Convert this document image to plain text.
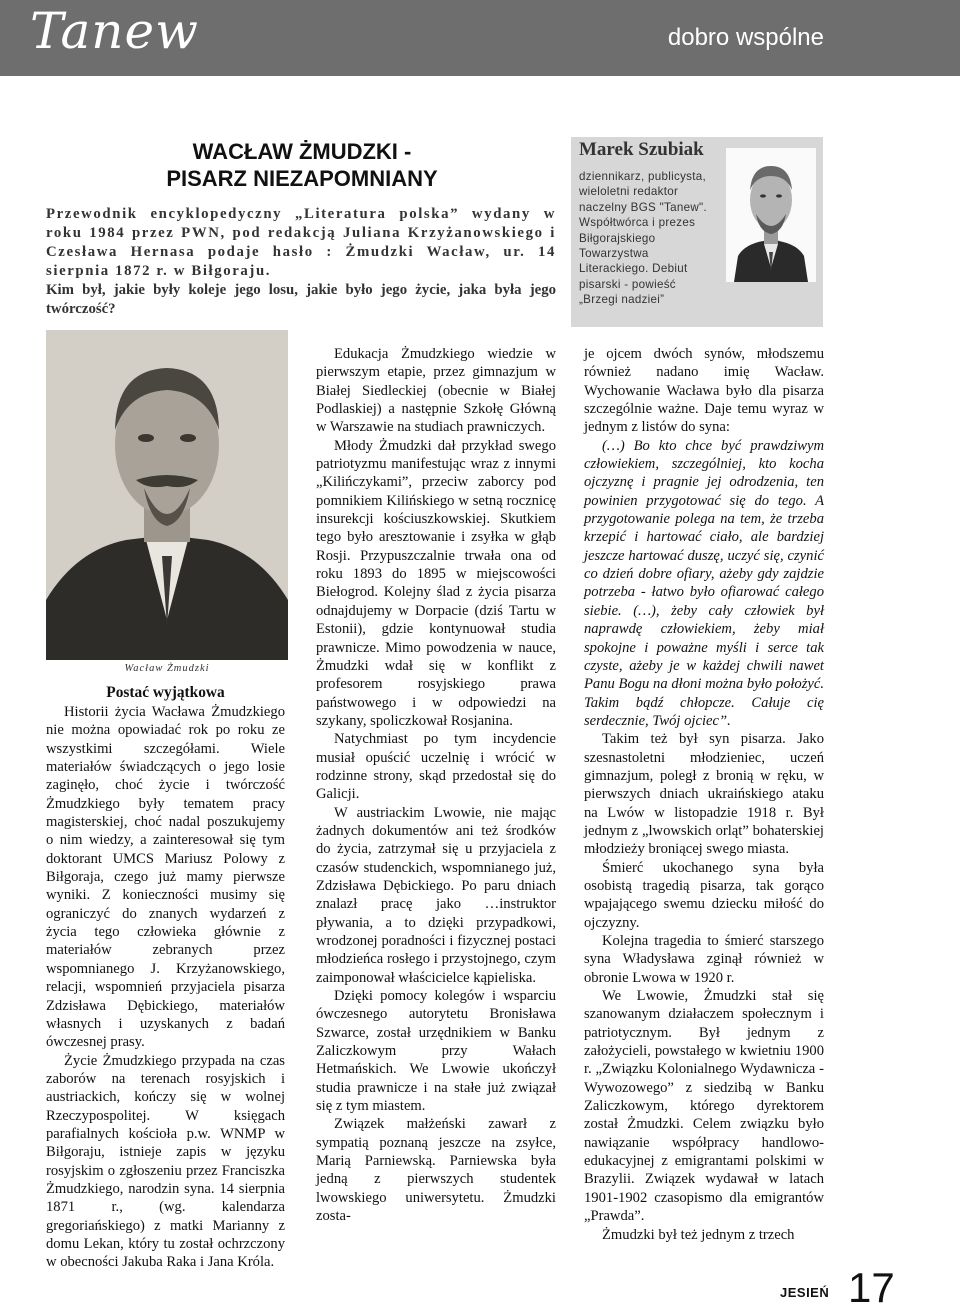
Tanew	dobro wspólne
WACŁAW ŻMUDZKI -
PISARZ NIEZAPOMNIANY

Przewodnik encyklopedyczny „Literatura polska” wydany w roku 1984 przez PWN, pod redakcją Juliana Krzyżanowskiego i Czesława Hernasa podaje hasło : Żmudzki Wacław, ur. 14 sierpnia 1872 r. w Biłgoraju.

Kim był, jakie były koleje jego losu, jakie było jego życie, jaka była jego twórczość?

Marek Szubiak
dziennikarz, publicysta, wieloletni redaktor naczelny BGS "Tanew". Współtwórca i prezes Biłgorajskiego Towarzystwa Literackiego. Debiut pisarski - powieść „Brzegi nadziei”
Wacław Żmudzki
Postać wyjątkowa

Historii życia Wacława Żmudzkiego nie można opowiadać rok po roku ze wszystkimi szczegółami. Wiele materiałów świadczących o jego losie zaginęło, choć życie i twórczość Żmudzkiego były tematem pracy magisterskiej, choć nadal poszukujemy o nim wiedzy, a zainteresował się tym doktorant UMCS Mariusz Polowy z Biłgoraja, czego już mamy pierwsze wyniki. Z konieczności musimy się ograniczyć do znanych wydarzeń z życia tego człowieka głównie z materiałów zebranych przez wspomnianego J. Krzyżanowskiego, relacji, wspomnień przyjaciela pisarza Zdzisława Dębickiego, materiałów własnych i uzyskanych z badań ówczesnej prasy.

Życie Żmudzkiego przypada na czas zaborów na terenach rosyjskich i austriackich, kończy się w wolnej Rzeczypospolitej. W księgach parafialnych kościoła p.w. WNMP w Biłgoraju, istnieje zapis w języku rosyjskim o zgłoszeniu przez Franciszka Żmudzkiego, narodzin syna. 14 sierpnia 1871 r., (wg. kalendarza gregoriańskiego) z matki Marianny z domu Lekan, który tu został ochrzczony w obecności Jakuba Raka i Jana Króla.

Edukacja Żmudzkiego wiedzie w pierwszym etapie, przez gimnazjum w Białej Siedleckiej (obecnie w Białej Podlaskiej) a następnie Szkołę Główną w Warszawie na studiach prawniczych.

Młody Żmudzki dał przykład swego patriotyzmu manifestując wraz z innymi „Kilińczykami”, przeciw zaborcy pod pomnikiem Kilińskiego w setną rocznicę insurekcji kościuszkowskiej. Skutkiem tego było aresztowanie i zsyłka w głąb Rosji. Przypuszczalnie trwała ona od roku 1893 do 1895 w miejscowości Biełogrod. Kolejny ślad z życia pisarza odnajdujemy w Dorpacie (dziś Tartu w Estonii), gdzie kontynuował studia prawnicze. Mimo powodzenia w nauce, Żmudzki wdał się w konflikt z profesorem rosyjskiego prawa państwowego i w odpowiedzi na szykany, spoliczkował Rosjanina.

Natychmiast po tym incydencie musiał opuścić uczelnię i wrócić w rodzinne strony, skąd przedostał się do Galicji.

W austriackim Lwowie, nie mając żadnych dokumentów ani też środków do życia, zatrzymał się u przyjaciela z czasów studenckich, wspomnianego już, Zdzisława Dębickiego. Po paru dniach znalazł pracę jako …instruktor pływania, a to dzięki przypadkowi, wrodzonej poradności i fizycznej postaci młodzieńca rosłego i przystojnego, czym zaimponował właścicielce kąpieliska.

Dzięki pomocy kolegów i wsparciu ówczesnego autorytetu Bronisława Szwarce, został urzędnikiem w Banku Zaliczkowym przy Wałach Hetmańskich. We Lwowie ukończył studia prawnicze i na stałe już związał się z tym miastem.

Związek małżeński zawarł z sympatią poznaną jeszcze na zsyłce, Marią Parniewską. Parniewska była jedną z pierwszych studentek lwowskiego uniwersytetu. Żmudzki zosta-

je ojcem dwóch synów, młodszemu również nadano imię Wacław. Wychowanie Wacława było dla pisarza szczególnie ważne. Daje temu wyraz w jednym z listów do syna:

(…) Bo kto chce być prawdziwym człowiekiem, szczególniej, kto kocha ojczyznę i pragnie jej odrodzenia, ten powinien przygotować się do tego. A przygotowanie polega na tem, że trzeba krzepić i hartować ciało, ale bardziej jeszcze hartować duszę, uczyć się, czynić co dzień dobre ofiary, ażeby gdy zajdzie potrzeba - łatwo było ofiarować całego siebie. (…), żeby cały człowiek był naprawdę człowiekiem, żeby miał spokojne i poważne myśli i serce tak czyste, ażeby je w każdej chwili nawet Panu Bogu na dłoni można było położyć. Takim bądź chłopcze. Całuje cię serdecznie, Twój ojciec”.

Takim też był syn pisarza. Jako szesnastoletni młodzieniec, uczeń gimnazjum, poległ z bronią w ręku, w pierwszych dniach ukraińskiego ataku na Lwów w listopadzie 1918 r. Był jednym z „lwowskich orląt” bohaterskiej młodzieży broniącej swego miasta.

Śmierć ukochanego syna była osobistą tragedią pisarza, tak gorąco wpajającego swemu dziecku miłość do ojczyzny.

Kolejna tragedia to śmierć starszego syna Władysława zginął również w obronie Lwowa w 1920 r.

We Lwowie, Żmudzki stał się szanowanym działaczem społecznym i patriotycznym. Był jednym z założycieli, powstałego w kwietniu 1900 r. „Związku Kolonialnego Wydawnicza - Wywozowego” z siedzibą w Banku Zaliczkowym, którego dyrektorem został Żmudzki. Celem związku było nawiązanie współpracy handlowo-edukacyjnej z emigrantami polskimi w Brazylii. Związek wydawał w latach 1901-1902 czasopismo dla emigrantów „Prawda”.

Żmudzki był też jednym z trzech

JESIEŃ 17
